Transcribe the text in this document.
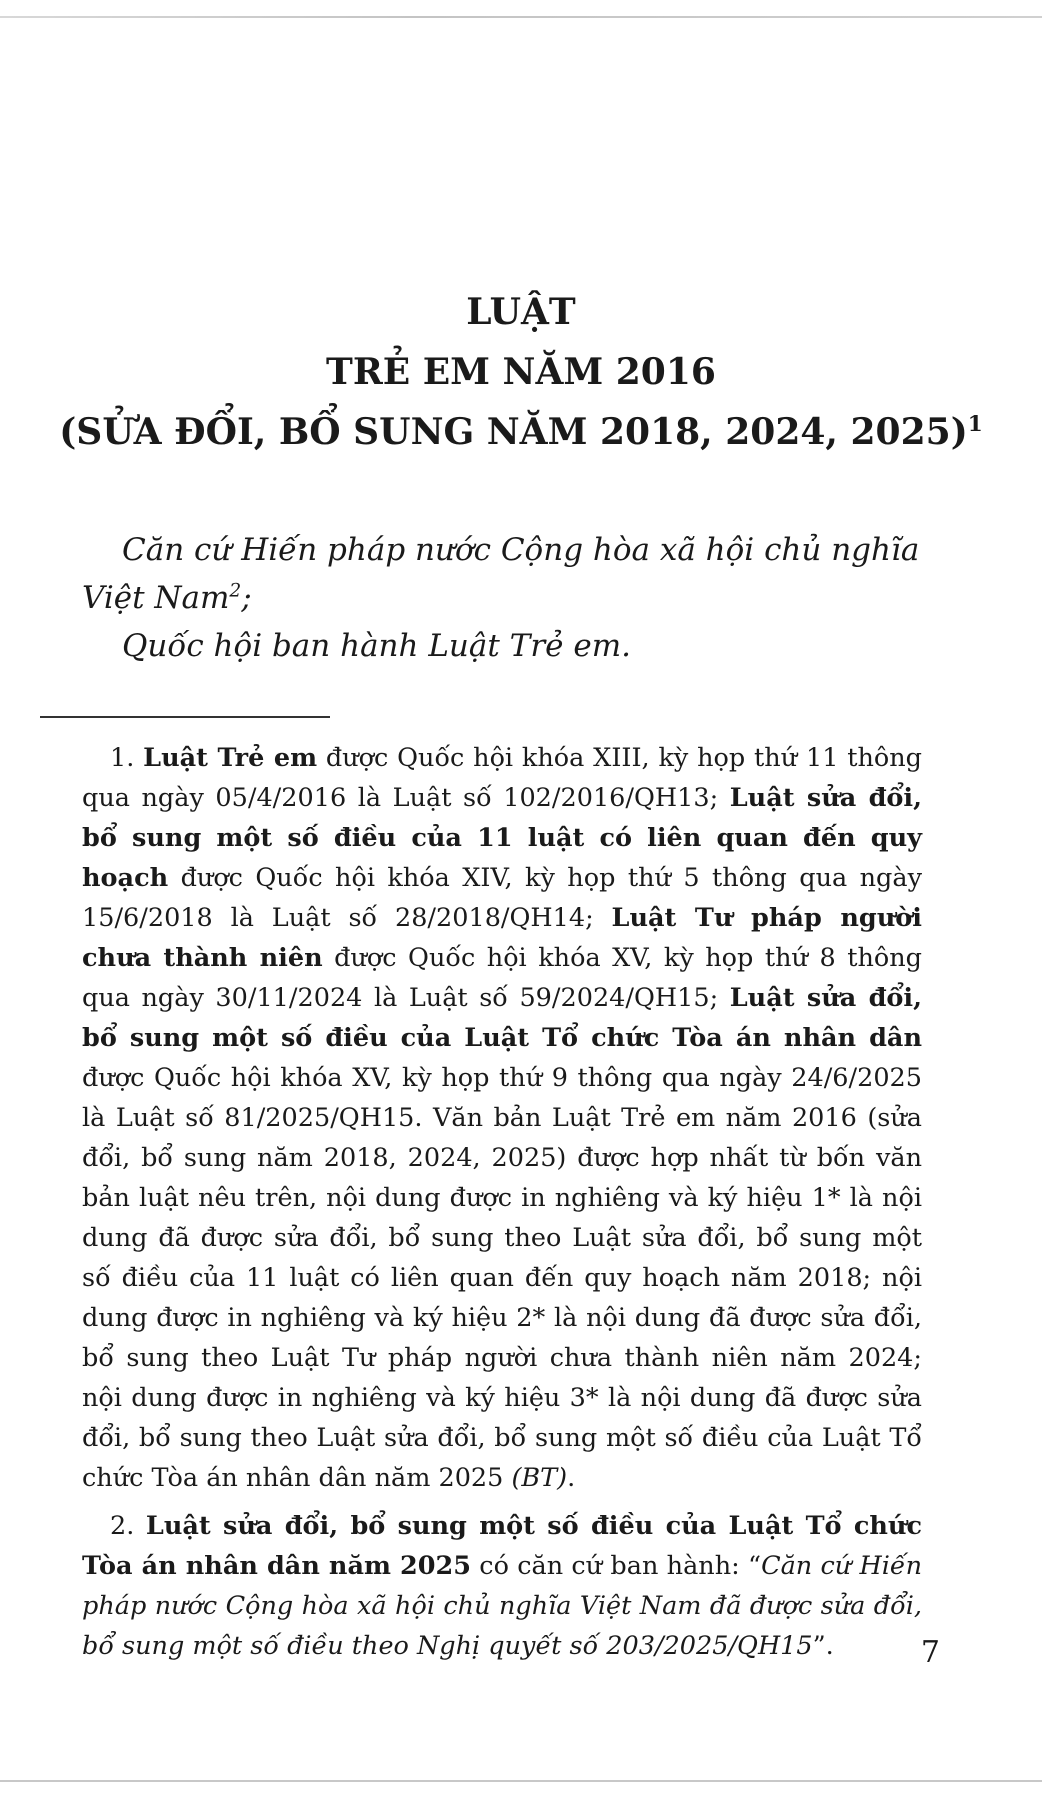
LUẬT
TRẺ EM NĂM 2016
(SỬA ĐỔI, BỔ SUNG NĂM 2018, 2024, 2025)$^1$
Căn cứ Hiến pháp nước Cộng hòa xã hội chủ nghĩa
Việt Nam$^2$;
Quốc hội ban hành Luật Trẻ em.

1. Luật Trẻ em được Quốc hội khóa XIII, kỳ họp thứ 11 thông qua ngày 05/4/2016 là Luật số 102/2016/QH13; Luật sửa đổi, bổ sung một số điều của 11 luật có liên quan đến quy hoạch được Quốc hội khóa XIV, kỳ họp thứ 5 thông qua ngày 15/6/2018 là Luật số 28/2018/QH14; Luật Tư pháp người chưa thành niên được Quốc hội khóa XV, kỳ họp thứ 8 thông qua ngày 30/11/2024 là Luật số 59/2024/QH15; Luật sửa đổi, bổ sung một số điều của Luật Tổ chức Tòa án nhân dân được Quốc hội khóa XV, kỳ họp thứ 9 thông qua ngày 24/6/2025 là Luật số 81/2025/QH15. Văn bản Luật Trẻ em năm 2016 (sửa đổi, bổ sung năm 2018, 2024, 2025) được hợp nhất từ bốn văn bản luật nêu trên, nội dung được in nghiêng và ký hiệu 1* là nội dung đã được sửa đổi, bổ sung theo Luật sửa đổi, bổ sung một số điều của 11 luật có liên quan đến quy hoạch năm 2018; nội dung được in nghiêng và ký hiệu 2* là nội dung đã được sửa đổi, bổ sung theo Luật Tư pháp người chưa thành niên năm 2024; nội dung được in nghiêng và ký hiệu 3* là nội dung đã được sửa đổi, bổ sung theo Luật sửa đổi, bổ sung một số điều của Luật Tổ chức Tòa án nhân dân năm 2025 (BT).

2. Luật sửa đổi, bổ sung một số điều của Luật Tổ chức Tòa án nhân dân năm 2025 có căn cứ ban hành: “Căn cứ Hiến pháp nước Cộng hòa xã hội chủ nghĩa Việt Nam đã được sửa đổi, bổ sung một số điều theo Nghị quyết số 203/2025/QH15”.	7
